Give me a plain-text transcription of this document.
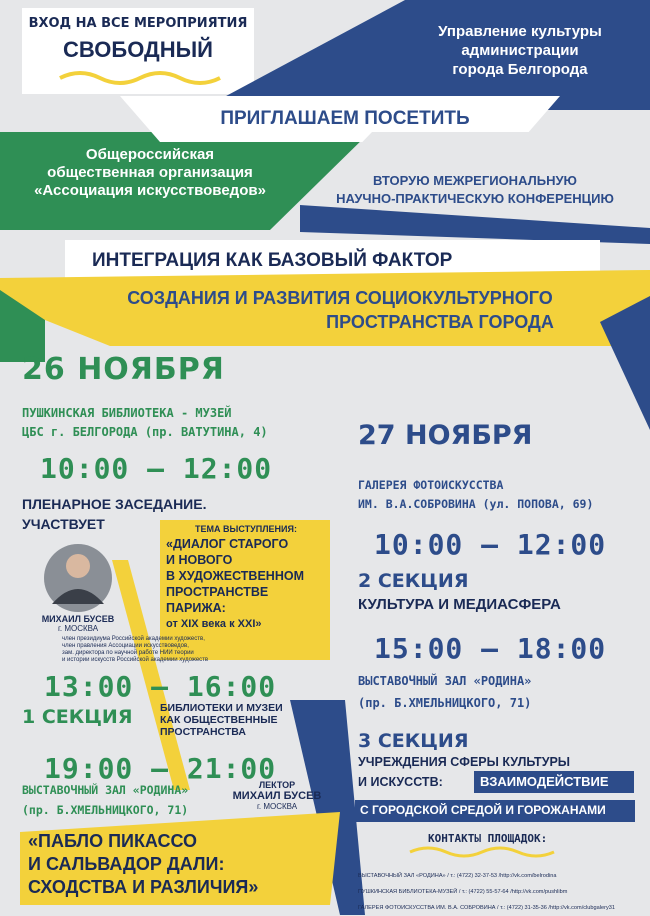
ВХОД НА ВСЕ МЕРОПРИЯТИЯ
СВОБОДНЫЙ
Управление культуры
администрации
города Белгорода
ПРИГЛАШАЕМ ПОСЕТИТЬ
Общероссийская
общественная организация
«Ассоциация искусствоведов»
ВТОРУЮ МЕЖРЕГИОНАЛЬНУЮ
НАУЧНО-ПРАКТИЧЕСКУЮ КОНФЕРЕНЦИЮ
ИНТЕГРАЦИЯ КАК БАЗОВЫЙ ФАКТОР
СОЗДАНИЯ И РАЗВИТИЯ СОЦИОКУЛЬТУРНОГО
ПРОСТРАНСТВА ГОРОДА
26 НОЯБРЯ
ПУШКИНСКАЯ БИБЛИОТЕКА - МУЗЕЙ
ЦБС г. БЕЛГОРОДА (пр. ВАТУТИНА, 4)
10:00 – 12:00
ПЛЕНАРНОЕ ЗАСЕДАНИЕ.
УЧАСТВУЕТ	ТЕМА ВЫСТУПЛЕНИЯ:
«ДИАЛОГ СТАРОГО
И НОВОГО
В ХУДОЖЕСТВЕННОМ
ПРОСТРАНСТВЕ
ПАРИЖА:
от XIX века к XXI»
МИХАИЛ БУСЕВ
г. МОСКВА
член президиума Российской академии художеств,
член правления Ассоциации искусствоведов,
зам. директора по научной работе НИИ теории
и истории искусств Российской академии художеств
13:00 – 16:00
1 СЕКЦИЯ	БИБЛИОТЕКИ И МУЗЕИ
КАК ОБЩЕСТВЕННЫЕ
ПРОСТРАНСТВА
19:00 – 21:00
ВЫСТАВОЧНЫЙ ЗАЛ «РОДИНА»
(пр. Б.ХМЕЛЬНИЦКОГО, 71)
ЛЕКТОР
МИХАИЛ БУСЕВ
г. МОСКВА
«ПАБЛО ПИКАССО
И САЛЬВАДОР ДАЛИ:
СХОДСТВА И РАЗЛИЧИЯ»
27 НОЯБРЯ
ГАЛЕРЕЯ ФОТОИСКУССТВА
ИМ. В.А.СОБРОВИНА (ул. ПОПОВА, 69)
10:00 – 12:00
2 СЕКЦИЯ
КУЛЬТУРА И МЕДИАСФЕРА
15:00 – 18:00
ВЫСТАВОЧНЫЙ ЗАЛ «РОДИНА»
(пр. Б.ХМЕЛЬНИЦКОГО, 71)
3 СЕКЦИЯ
УЧРЕЖДЕНИЯ СФЕРЫ КУЛЬТУРЫ
И ИСКУССТВ:	ВЗАИМОДЕЙСТВИЕ
С ГОРОДСКОЙ СРЕДОЙ И ГОРОЖАНАМИ
КОНТАКТЫ ПЛОЩАДОК:
ВЫСТАВОЧНЫЙ ЗАЛ «РОДИНА» / т.: (4722) 32-37-53 /http://vk.com/belrodina
ПУШКИНСКАЯ БИБЛИОТЕКА-МУЗЕЙ / т.: (4722) 55-57-64 /http://vk.com/pushlibm
ГАЛЕРЕЯ ФОТОИСКУССТВА ИМ. В.А. СОБРОВИНА / т.: (4722) 31-35-36 /http://vk.com/clubgalery31
